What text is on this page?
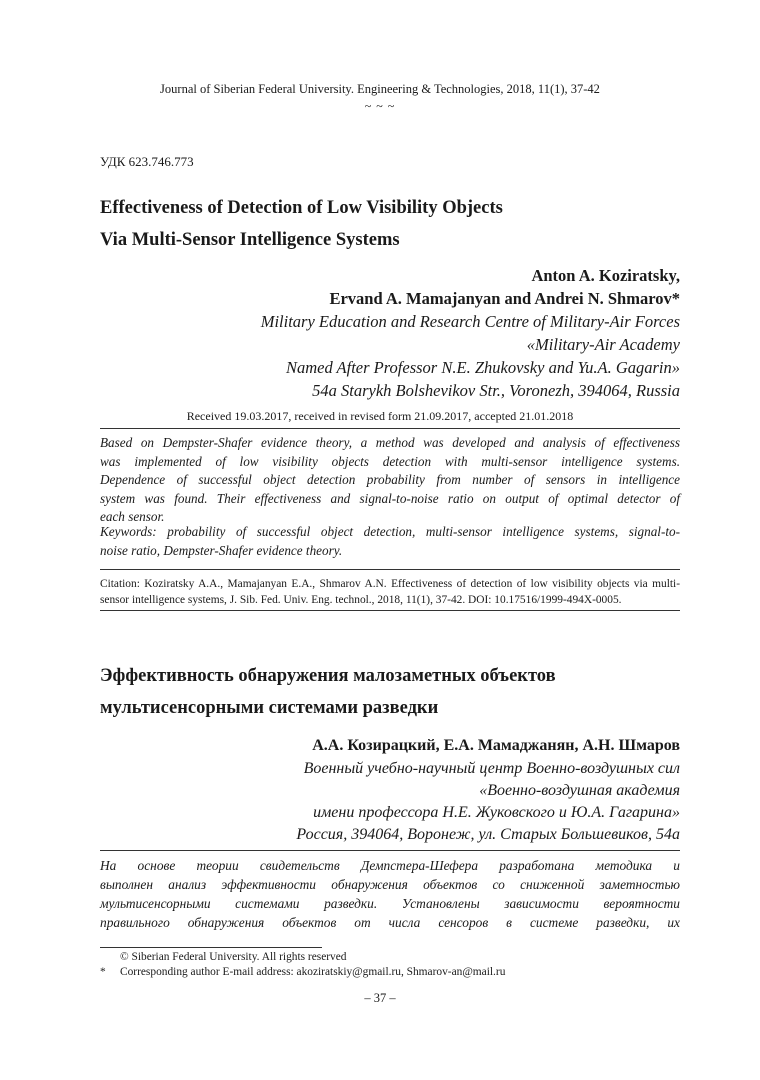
Journal of Siberian Federal University. Engineering & Technologies, 2018, 11(1), 37-42
~ ~ ~
УДК 623.746.773
Effectiveness of Detection of Low Visibility Objects
Via Multi-Sensor Intelligence Systems
Anton A. Koziratsky,
Ervand A. Mamajanyan and Andrei N. Shmarov*
Military Education and Research Centre of Military-Air Forces
«Military-Air Academy
Named After Professor N.E. Zhukovsky and Yu.A. Gagarin»
54a Starykh Bolshevikov Str., Voronezh, 394064, Russia
Received 19.03.2017, received in revised form 21.09.2017, accepted 21.01.2018
Based on Dempster-Shafer evidence theory, a method was developed and analysis of effectiveness
was implemented of low visibility objects detection with multi-sensor intelligence systems.
Dependence of successful object detection probability from number of sensors in intelligence
system was found. Their effectiveness and signal-to-noise ratio on output of optimal detector of
each sensor.
Keywords: probability of successful object detection, multi-sensor intelligence systems, signal-to-
noise ratio, Dempster-Shafer evidence theory.
Citation: Koziratsky A.A., Mamajanyan E.A., Shmarov A.N. Effectiveness of detection of low visibility objects via multi-
sensor intelligence systems, J. Sib. Fed. Univ. Eng. technol., 2018, 11(1), 37-42. DOI: 10.17516/1999-494X-0005.
Эффективность обнаружения малозаметных объектов
мультисенсорными системами разведки
А.А. Козирацкий, Е.А. Мамаджанян, А.Н. Шмаров
Военный учебно-научный центр Военно-воздушных сил
«Военно-воздушная академия
имени профессора Н.Е. Жуковского и Ю.А. Гагарина»
Россия, 394064, Воронеж, ул. Старых Большевиков, 54а
На основе теории свидетельств Демпстера-Шефера разработана методика и
выполнен анализ эффективности обнаружения объектов со сниженной заметностью
мультисенсорными системами разведки. Установлены зависимости вероятности
правильного обнаружения объектов от числа сенсоров в системе разведки, их
© Siberian Federal University. All rights reserved
* Corresponding author E-mail address: akoziratskiy@gmail.ru, Shmarov-an@mail.ru
– 37 –
